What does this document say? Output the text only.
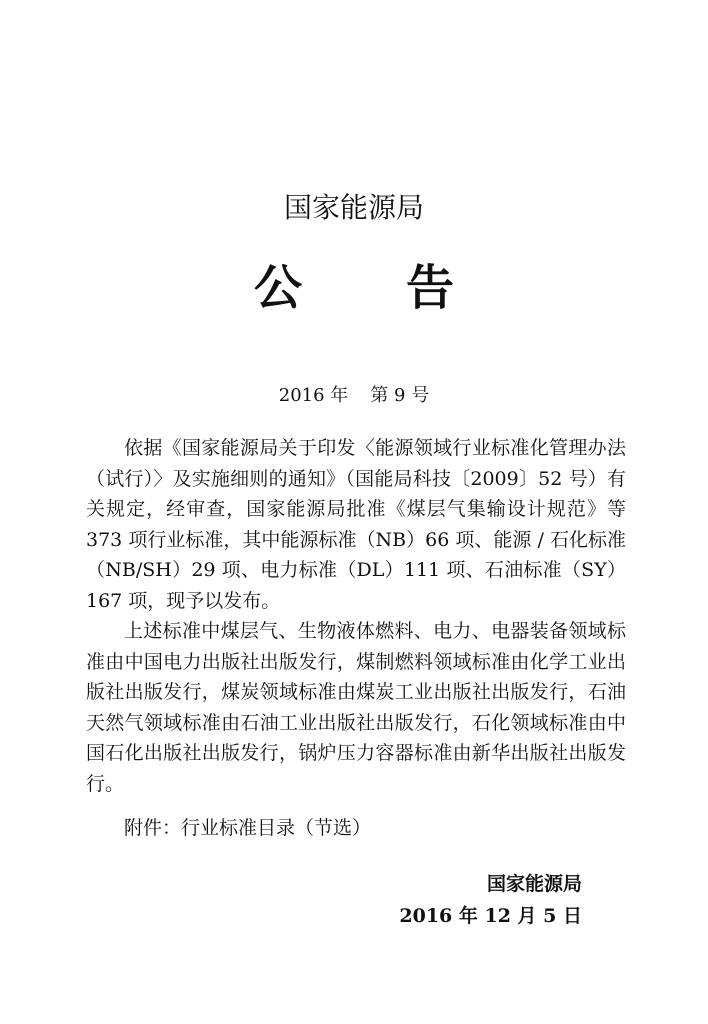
国家能源局
公 告
2016 年 第 9 号

依据《国家能源局关于印发〈能源领域行业标准化管理办法（试行）〉及实施细则的通知》（国能局科技〔2009〕52 号）有关规定，经审查，国家能源局批准《煤层气集输设计规范》等 373 项行业标准，其中能源标准（NB）66 项、能源 / 石化标准（NB/SH）29 项、电力标准（DL）111 项、石油标准（SY）167 项，现予以发布。

上述标准中煤层气、生物液体燃料、电力、电器装备领域标准由中国电力出版社出版发行，煤制燃料领域标准由化学工业出版社出版发行，煤炭领域标准由煤炭工业出版社出版发行，石油天然气领域标准由石油工业出版社出版发行，石化领域标准由中国石化出版社出版发行，锅炉压力容器标准由新华出版社出版发行。

附件：行业标准目录（节选）
国家能源局
2016 年 12 月 5 日
